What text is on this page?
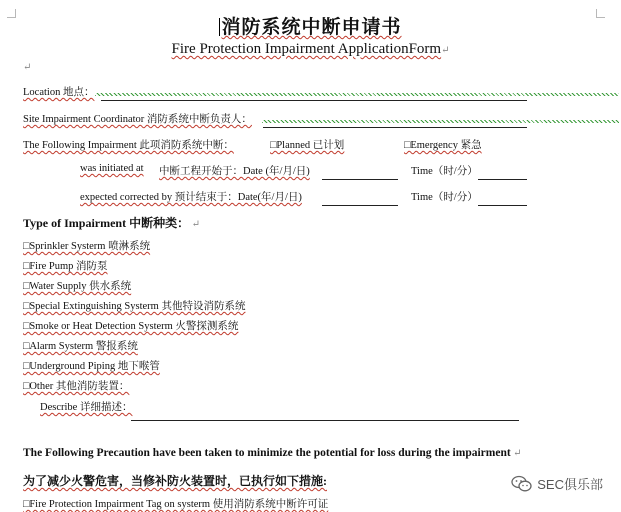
消防系统中断申请书
Fire Protection Impairment ApplicationForm↵
↵
Location 地点：
Site Impairment Coordinator 消防系统中断负责人：
The Following Impairment 此项消防系统中断：	□Planned 已计划	□Emergency 紧急
was initiated at 中断工程开始于：Date (年/月/日)	Time（时/分）
expected corrected by 预计结束于：Date(年/月/日)	Time（时/分）
Type of Impairment 中断种类： ↵
□Sprinkler Systerm 喷淋系统
□Fire Pump 消防泵
□Water Supply 供水系统
□Special Extinguishing Systerm 其他特设消防系统
□Smoke or Heat Detection Systerm 火警探测系统
□Alarm Systerm 警报系统
□Underground Piping 地下喉管
□Other 其他消防装置：
Describe 详细描述：
The Following Precaution have been taken to minimize the potential for loss during the impairment ↵
为了减少火警危害，当修补防火装置时，已执行如下措施:
□Fire Protection Impairment Tag on systerm 使用消防系统中断许可证
SEC俱乐部
